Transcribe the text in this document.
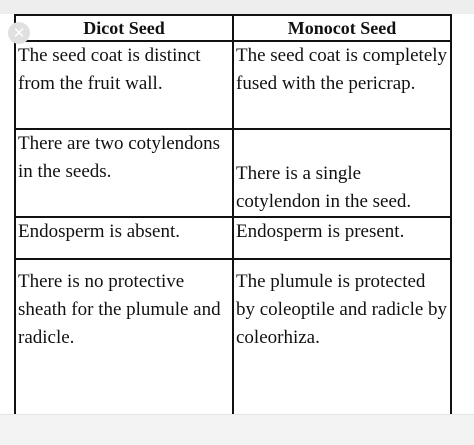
✕	Dicot Seed	Monocot Seed
The seed coat is distinct from the fruit wall.	The seed coat is completely fused with the pericrap.
There are two cotylendons in the seeds.	There is a single cotylendon in the seed.
Endosperm is absent.	Endosperm is present.
There is no protective sheath for the plumule and radicle.	The plumule is protected by coleoptile and radicle by coleorhiza.
